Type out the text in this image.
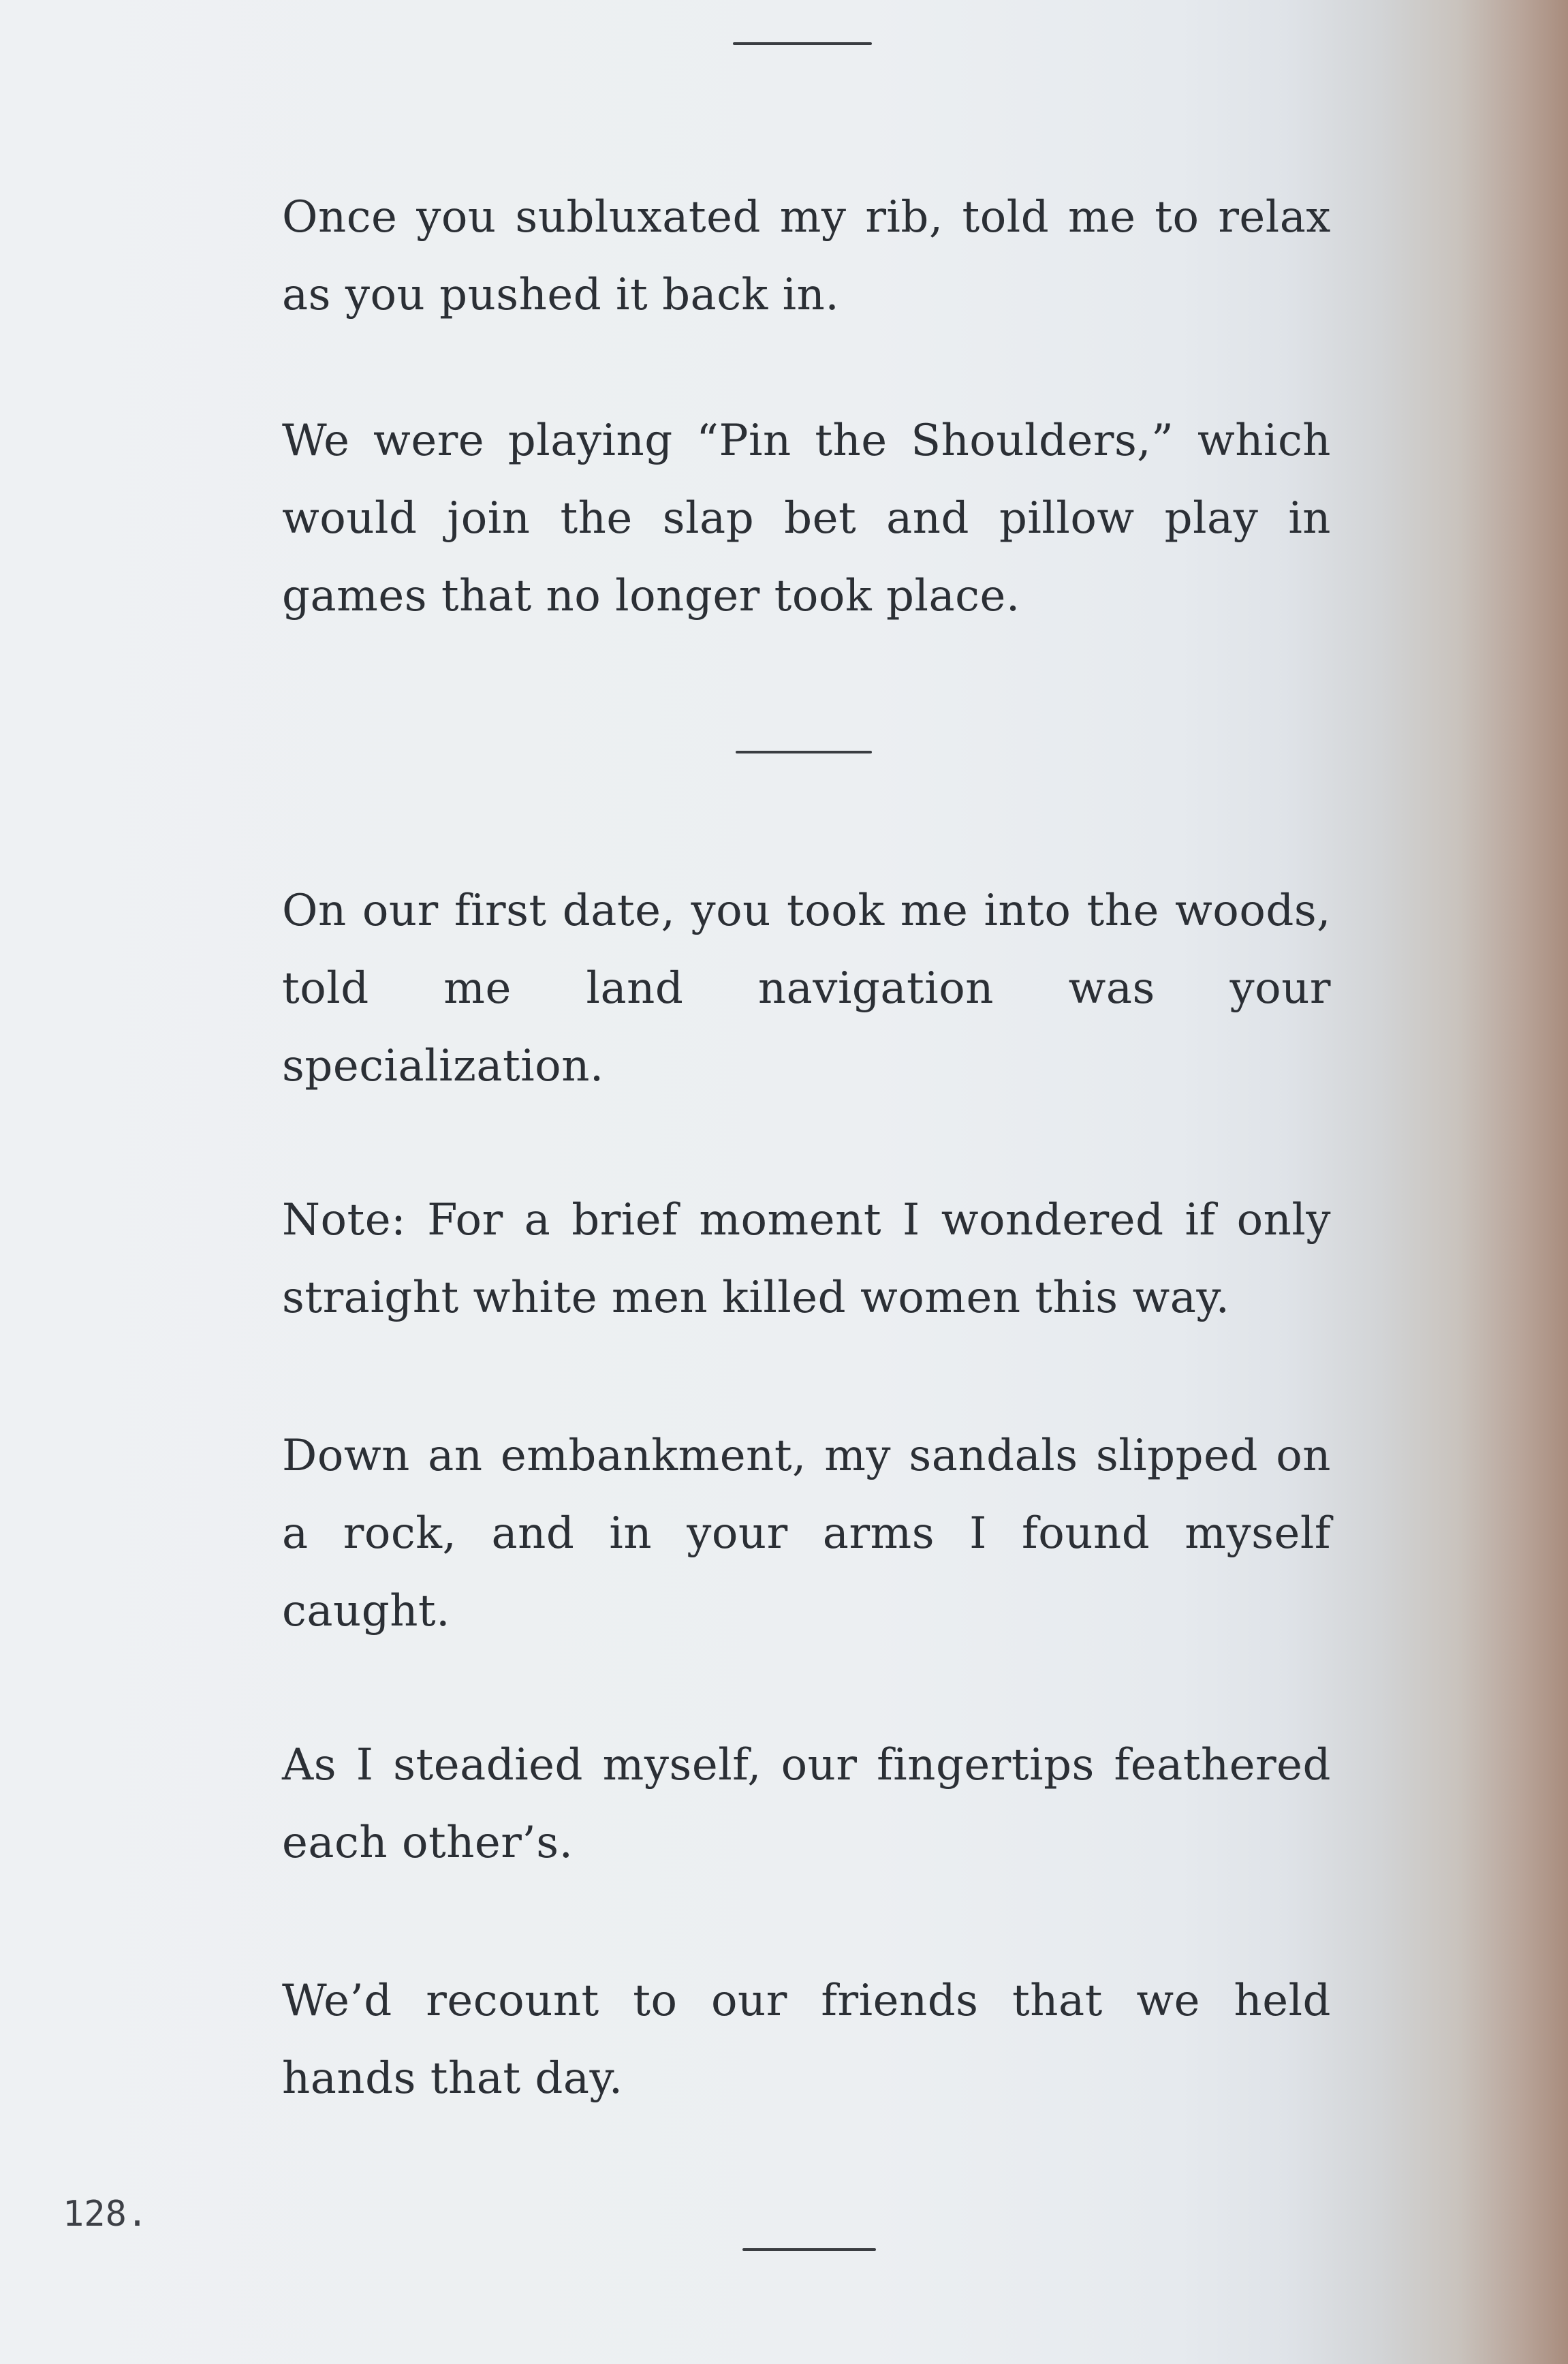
Once you subluxated my rib, told me to relax as you pushed it back in.

We were playing “Pin the Shoulders,” which would join the slap bet and pillow play in games that no longer took place.

On our first date, you took me into the woods, told me land navigation was your specialization.

Note: For a brief moment I wondered if only straight white men killed women this way.

Down an embankment, my sandals slipped on a rock, and in your arms I found myself caught.

As I steadied myself, our fingertips feathered each other’s.

We’d recount to our friends that we held hands that day.

128.
